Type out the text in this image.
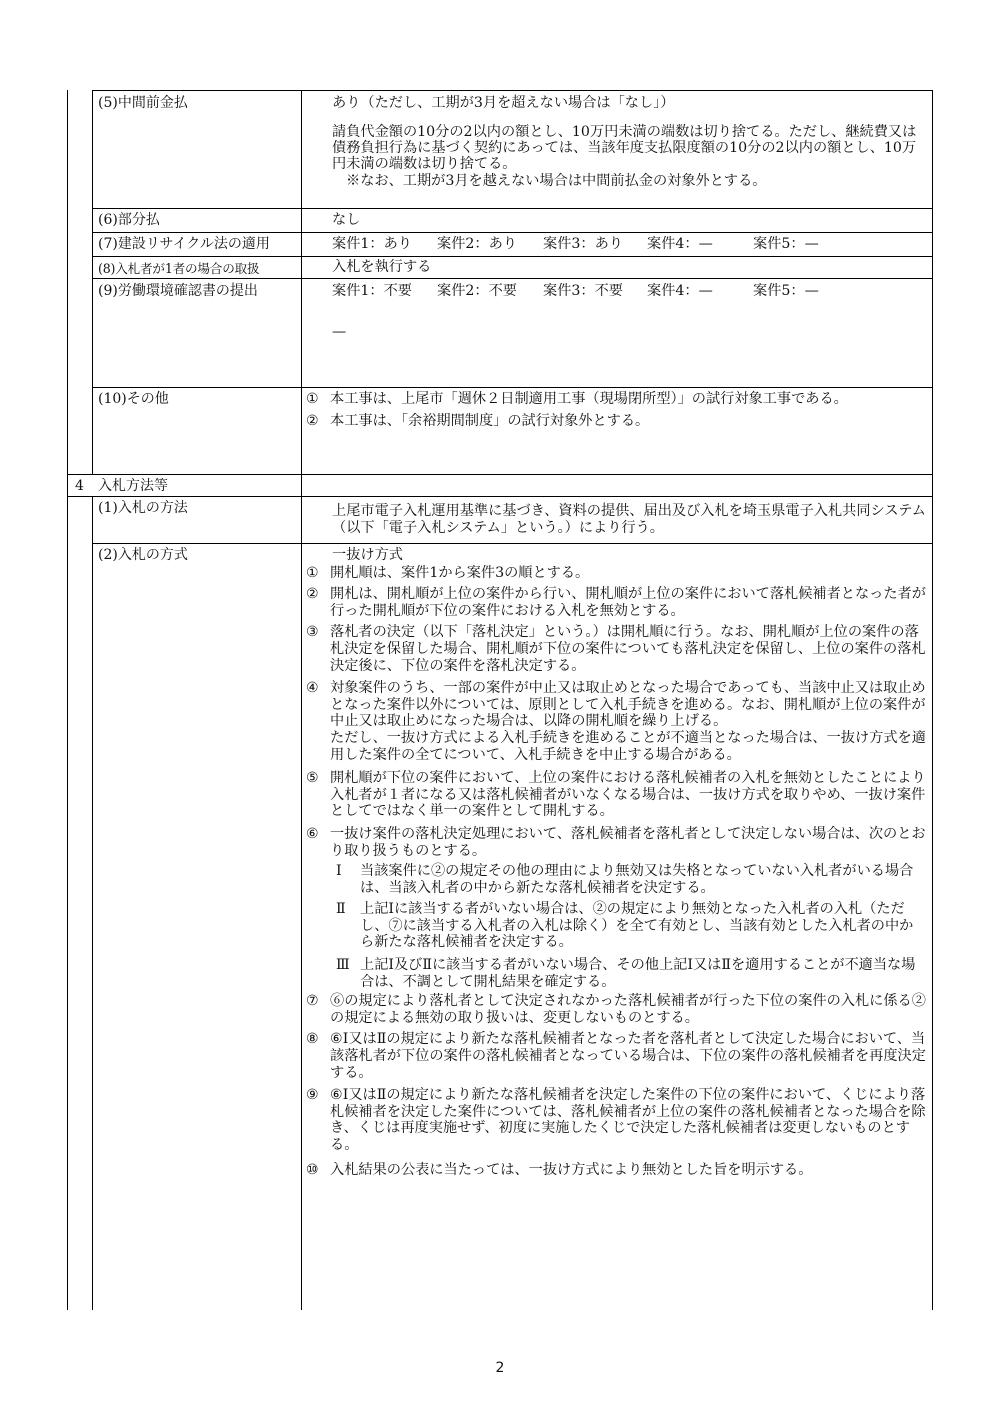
(5)中間前金払	あり（ただし、工期が3月を超えない場合は「なし」）

請負代金額の10分の2以内の額とし、10万円未満の端数は切り捨てる。ただし、継続費又は債務負担行為に基づく契約にあっては、当該年度支払限度額の10分の2以内の額とし、10万円未満の端数は切り捨てる。

※なお、工期が3月を越えない場合は中間前払金の対象外とする。

(6)部分払	なし
(7)建設リサイクル法の適用	案件1：あり 案件2：あり 案件3：あり 案件4：—	案件5：—
(8)入札者が1者の場合の取扱	入札を執行する
(9)労働環境確認書の提出	案件1：不要 案件2：不要 案件3：不要 案件4：—	案件5：—
—
(10)その他	① 本工事は、上尾市「週休２日制適用工事（現場閉所型）」の試行対象工事である。
② 本工事は、「余裕期間制度」の試行対象外とする。
4 入札方法等
(1)入札の方法	上尾市電子入札運用基準に基づき、資料の提供、届出及び入札を埼玉県電子入札共同システム（以下「電子入札システム」という。）により行う。

(2)入札の方式	一抜け方式

① 開札順は、案件1から案件3の順とする。
② 開札は、開札順が上位の案件から行い、開札順が上位の案件において落札候補者となった者が行った開札順が下位の案件における入札を無効とする。
③ 落札者の決定（以下「落札決定」という。）は開札順に行う。なお、開札順が上位の案件の落札決定を保留した場合、開札順が下位の案件についても落札決定を保留し、上位の案件の落札決定後に、下位の案件を落札決定する。
④ 対象案件のうち、一部の案件が中止又は取止めとなった場合であっても、当該中止又は取止めとなった案件以外については、原則として入札手続きを進める。なお、開札順が上位の案件が中止又は取止めになった場合は、以降の開札順を繰り上げる。
ただし、一抜け方式による入札手続きを進めることが不適当となった場合は、一抜け方式を適用した案件の全てについて、入札手続きを中止する場合がある。
⑤ 開札順が下位の案件において、上位の案件における落札候補者の入札を無効としたことにより入札者が１者になる又は落札候補者がいなくなる場合は、一抜け方式を取りやめ、一抜け案件としてではなく単一の案件として開札する。
⑥ 一抜け案件の落札決定処理において、落札候補者を落札者として決定しない場合は、次のとおり取り扱うものとする。
Ⅰ	当該案件に②の規定その他の理由により無効又は失格となっていない入札者がいる場合は、当該入札者の中から新たな落札候補者を決定する。
Ⅱ	上記Ⅰに該当する者がいない場合は、②の規定により無効となった入札者の入札（ただし、⑦に該当する入札者の入札は除く）を全て有効とし、当該有効とした入札者の中から新たな落札候補者を決定する。
Ⅲ 上記Ⅰ及びⅡに該当する者がいない場合、その他上記Ⅰ又はⅡを適用することが不適当な場合は、不調として開札結果を確定する。
⑦ ⑥の規定により落札者として決定されなかった落札候補者が行った下位の案件の入札に係る②の規定による無効の取り扱いは、変更しないものとする。
⑧ ⑥Ⅰ又はⅡの規定により新たな落札候補者となった者を落札者として決定した場合において、当該落札者が下位の案件の落札候補者となっている場合は、下位の案件の落札候補者を再度決定する。
⑨ ⑥Ⅰ又はⅡの規定により新たな落札候補者を決定した案件の下位の案件において、くじにより落札候補者を決定した案件については、落札候補者が上位の案件の落札候補者となった場合を除き、くじは再度実施せず、初度に実施したくじで決定した落札候補者は変更しないものとする。
⑩ 入札結果の公表に当たっては、一抜け方式により無効とした旨を明示する。
2
